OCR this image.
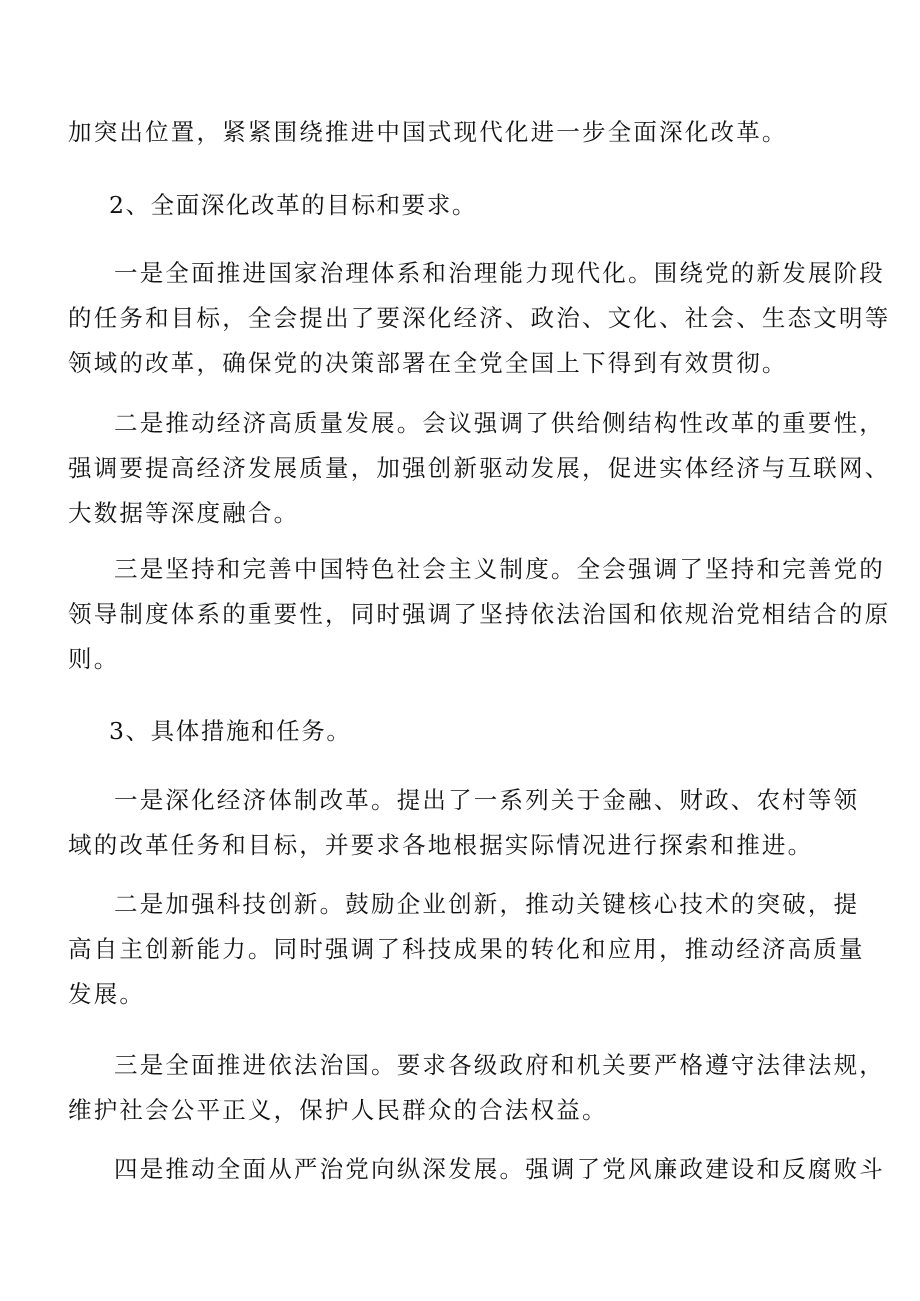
加突出位置，紧紧围绕推进中国式现代化进一步全面深化改革。
2、全面深化改革的目标和要求。
一是全面推进国家治理体系和治理能力现代化。围绕党的新发展阶段
的任务和目标，全会提出了要深化经济、政治、文化、社会、生态文明等
领域的改革，确保党的决策部署在全党全国上下得到有效贯彻。
二是推动经济高质量发展。会议强调了供给侧结构性改革的重要性，
强调要提高经济发展质量，加强创新驱动发展，促进实体经济与互联网、
大数据等深度融合。
三是坚持和完善中国特色社会主义制度。全会强调了坚持和完善党的
领导制度体系的重要性，同时强调了坚持依法治国和依规治党相结合的原
则。
3、具体措施和任务。
一是深化经济体制改革。提出了一系列关于金融、财政、农村等领
域的改革任务和目标，并要求各地根据实际情况进行探索和推进。
二是加强科技创新。鼓励企业创新，推动关键核心技术的突破，提
高自主创新能力。同时强调了科技成果的转化和应用，推动经济高质量
发展。
三是全面推进依法治国。要求各级政府和机关要严格遵守法律法规，
维护社会公平正义，保护人民群众的合法权益。
四是推动全面从严治党向纵深发展。强调了党风廉政建设和反腐败斗
